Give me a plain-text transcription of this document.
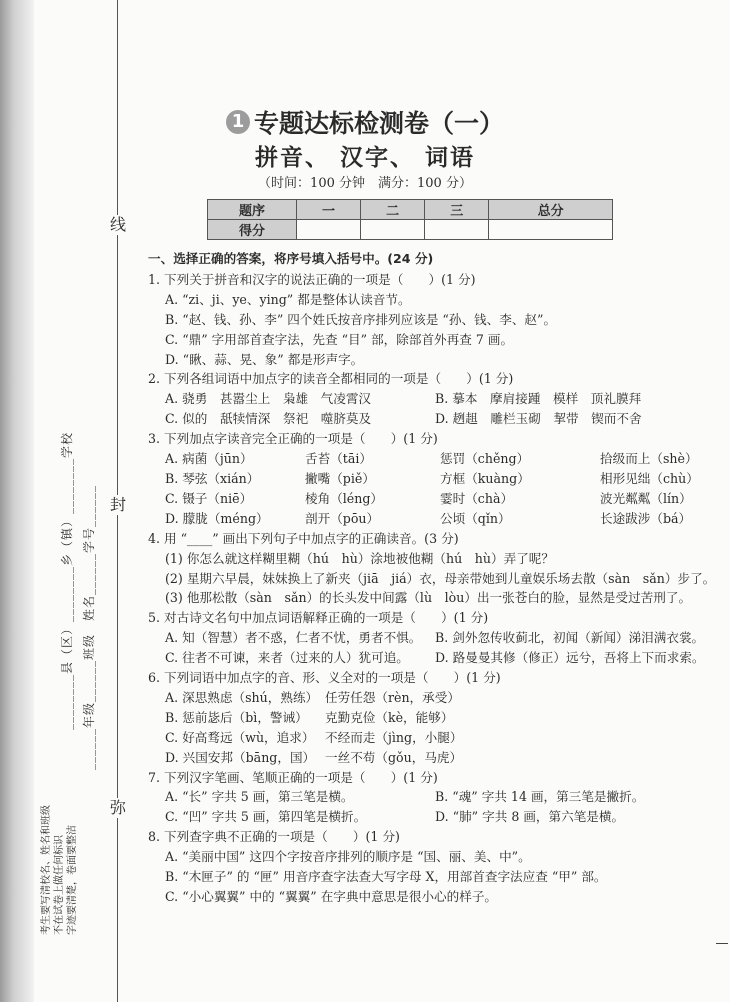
线
封
弥
________县（区）________乡（镇）________学校 ______年级______班级　姓名______学号______
考生要写清校名、姓名和班级 不在试卷上做任何标识 字迹要清楚，卷面要整洁
1 专题达标检测卷（一）
拼音、 汉字、 词语
（时间：100 分钟　满分：100 分）
题序	一	二	三	总分
得分				
一、选择正确的答案，将序号填入括号中。(24 分)
1. 下列关于拼音和汉字的说法正确的一项是（　　）(1 分)
A. “zi、ji、ye、ying” 都是整体认读音节。
B. “赵、钱、孙、李” 四个姓氏按音序排列应该是 “孙、钱、李、赵”。
C. “鼎” 字用部首查字法，先查 “目” 部，除部首外再查 7 画。
D. “瞅、蒜、晃、象” 都是形声字。
2. 下列各组词语中加点字的读音全都相同的一项是（　　）(1 分)
A. 骁勇　甚嚣尘上　枭雄　气凌霄汉	B. 摹本　摩肩接踵　模样　顶礼膜拜
C. 似的　舐犊情深　祭祀　噬脐莫及	D. 趔趄　雕栏玉砌　挈带　锲而不舍
3. 下列加点字读音完全正确的一项是（　　）(1 分)
A. 病菌（jūn）	舌苔（tāi）	惩罚（chěng）	拾级而上（shè）
B. 琴弦（xián）	撇嘴（piě）	方框（kuàng）	相形见绌（chù）
C. 镊子（niē）	棱角（léng）	霎时（chà）	波光粼粼（lín）
D. 朦胧（méng）	剖开（pōu）	公顷（qǐn）	长途跋涉（bá）
4. 用 “____” 画出下列句子中加点字的正确读音。(3 分)
(1) 你怎么就这样糊里糊（hú　hù）涂地被他糊（hú　hù）弄了呢？
(2) 星期六早晨，妹妹换上了新夹（jiā　jiá）衣，母亲带她到儿童娱乐场去散（sàn　sǎn）步了。
(3) 他那松散（sàn　sǎn）的长头发中间露（lù　lòu）出一张苍白的脸，显然是受过苦刑了。
5. 对古诗文名句中加点词语解释正确的一项是（　　）(1 分)
A. 知（智慧）者不惑，仁者不忧，勇者不惧。	B. 剑外忽传收蓟北，初闻（新闻）涕泪满衣裳。
C. 往者不可谏，来者（过来的人）犹可追。	D. 路曼曼其修（修正）远兮，吾将上下而求索。
6. 下列词语中加点字的音、形、义全对的一项是（　　）(1 分)
A. 深思熟虑（shú，熟练） 任劳任怨（rèn，承受）
B. 惩前毖后（bì，警诫）	克勤克俭（kè，能够）
C. 好高骛远（wù，追求） 不经而走（jìng，小腿）
D. 兴国安邦（bāng，国） 一丝不苟（gǒu，马虎）
7. 下列汉字笔画、笔顺正确的一项是（　　）(1 分)
A. “长” 字共 5 画，第三笔是横。	B. “魂” 字共 14 画，第三笔是撇折。
C. “凹” 字共 5 画，第四笔是横折。	D. “肺” 字共 8 画，第六笔是横。
8. 下列查字典不正确的一项是（　　）(1 分)
A. “美丽中国” 这四个字按音序排列的顺序是 “国、丽、美、中”。
B. “木匣子” 的 “匣” 用音序查字法查大写字母 X，用部首查字法应查 “甲” 部。
C. “小心翼翼” 中的 “翼翼” 在字典中意思是很小心的样子。
